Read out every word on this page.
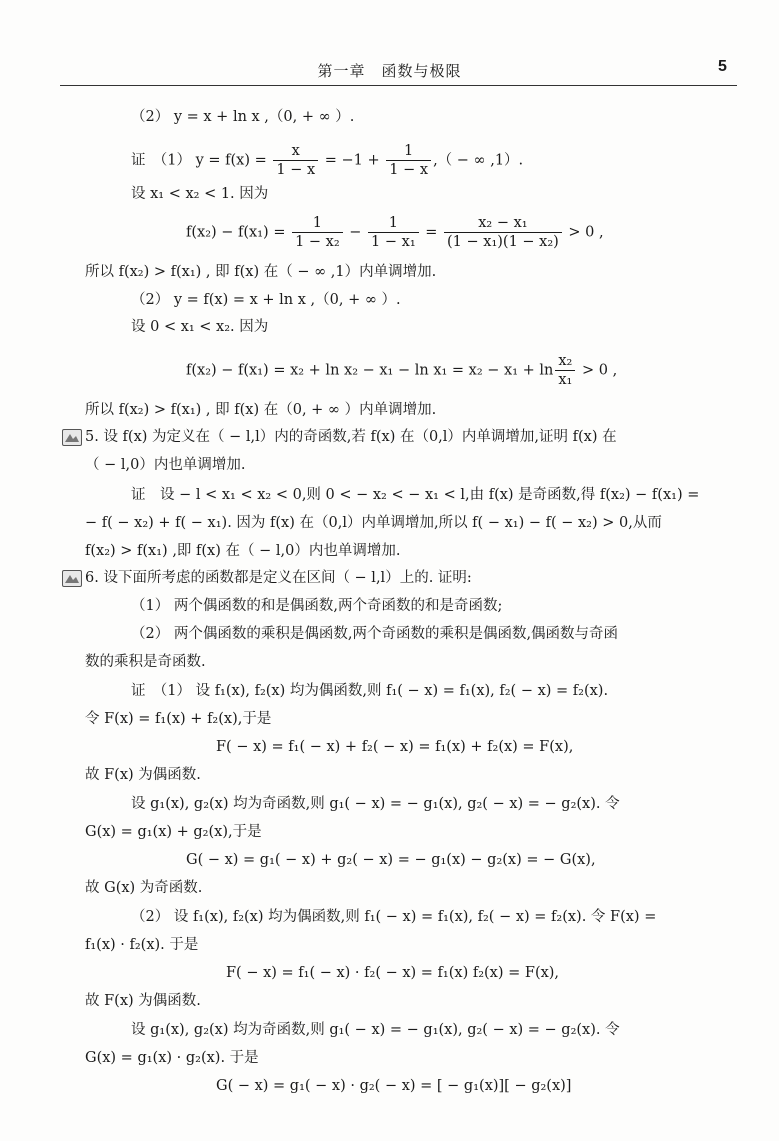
第一章　函数与极限	5
（2） y = x + ln x ,（0, + ∞ ）.
证　（1） $y = f(x) = \frac{x}{1 - x} = -1 + \frac{1}{1 - x}$ ,（ − ∞ ,1）.
设 x₁ < x₂ < 1. 因为
$f(x_2) - f(x_1) = \frac{1}{\text{1 − x₂}} - \frac{1}{\text{1 − x₁}} = \frac{\text{x₂ − x₁}}{\text{(1 − x₁)(1 − x₂)}} > 0$ ,
所以 f(x₂) > f(x₁) , 即 f(x) 在（ − ∞ ,1）内单调增加.
（2） y = f(x) = x + ln x ,（0, + ∞ ）.
设 0 < x₁ < x₂. 因为
$f(x_2) - f(x_1) = x_2 + \ln x_2 - x_1 - \ln x_1 = x_2 - x_1 + \ln \frac{\text{x₂}}{\text{x₁}} > 0$ ,
所以 f(x₂) > f(x₁) , 即 f(x) 在（0, + ∞ ）内单调增加.
5. 设 f(x) 为定义在（ − l,l）内的奇函数,若 f(x) 在（0,l）内单调增加,证明 f(x) 在
（ − l,0）内也单调增加.
证　设 − l < x₁ < x₂ < 0,则 0 < − x₂ < − x₁ < l,由 f(x) 是奇函数,得 f(x₂) − f(x₁) =
− f( − x₂) + f( − x₁). 因为 f(x) 在（0,l）内单调增加,所以 f( − x₁) − f( − x₂) > 0,从而
f(x₂) > f(x₁) ,即 f(x) 在（ − l,0）内也单调增加.
6. 设下面所考虑的函数都是定义在区间（ − l,l）上的. 证明:
（1） 两个偶函数的和是偶函数,两个奇函数的和是奇函数;
（2） 两个偶函数的乘积是偶函数,两个奇函数的乘积是偶函数,偶函数与奇函
数的乘积是奇函数.
证　（1） 设 f₁(x), f₂(x) 均为偶函数,则 f₁( − x) = f₁(x), f₂( − x) = f₂(x).
令 F(x) = f₁(x) + f₂(x),于是
F( − x) = f₁( − x) + f₂( − x) = f₁(x) + f₂(x) = F(x),
故 F(x) 为偶函数.
设 g₁(x), g₂(x) 均为奇函数,则 g₁( − x) = − g₁(x), g₂( − x) = − g₂(x). 令
G(x) = g₁(x) + g₂(x),于是
G( − x) = g₁( − x) + g₂( − x) = − g₁(x) − g₂(x) = − G(x),
故 G(x) 为奇函数.
（2） 设 f₁(x), f₂(x) 均为偶函数,则 f₁( − x) = f₁(x), f₂( − x) = f₂(x). 令 F(x) =
f₁(x) · f₂(x). 于是
F( − x) = f₁( − x) · f₂( − x) = f₁(x) f₂(x) = F(x),
故 F(x) 为偶函数.
设 g₁(x), g₂(x) 均为奇函数,则 g₁( − x) = − g₁(x), g₂( − x) = − g₂(x). 令
G(x) = g₁(x) · g₂(x). 于是
G( − x) = g₁( − x) · g₂( − x) = [ − g₁(x)][ − g₂(x)]
